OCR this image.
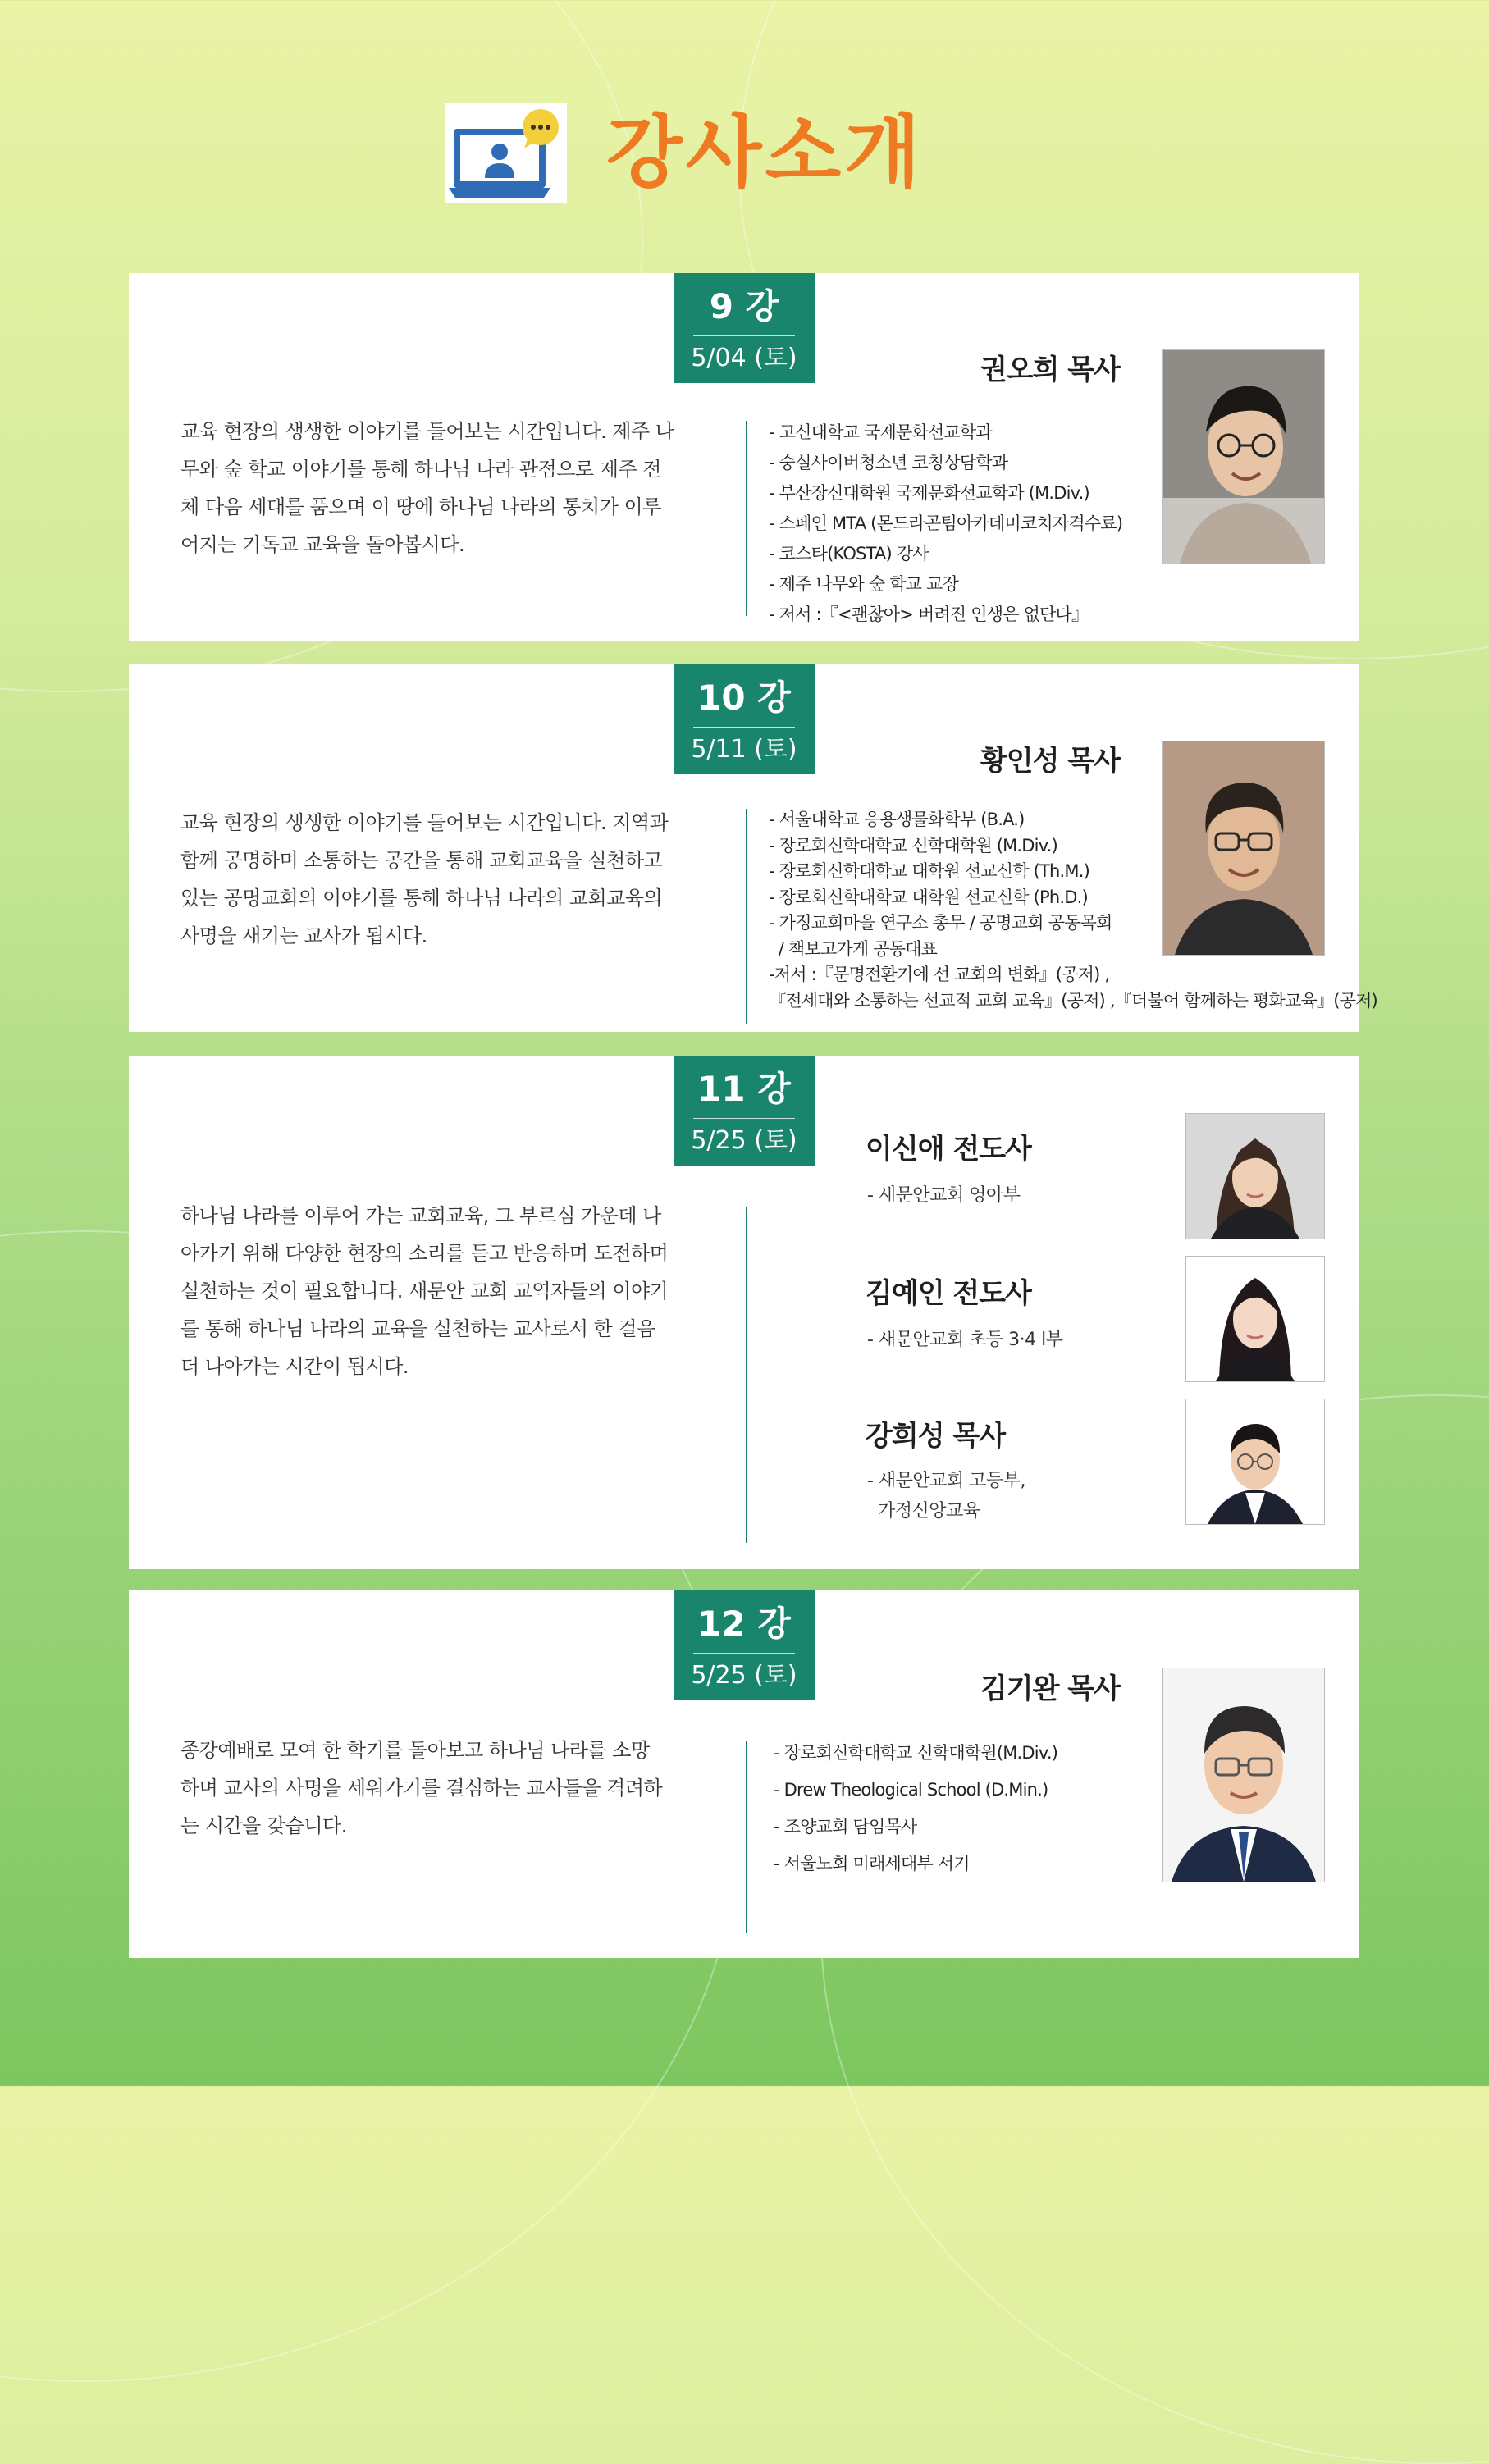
강사소개
9 강
5/04 (토)
교육 현장의 생생한 이야기를 들어보는 시간입니다. 제주 나
무와 숲 학교 이야기를 통해 하나님 나라 관점으로 제주 전
체 다음 세대를 품으며 이 땅에 하나님 나라의 통치가 이루
어지는 기독교 교육을 돌아봅시다.
권오희 목사
- 고신대학교 국제문화선교학과
- 숭실사이버청소년 코칭상담학과
- 부산장신대학원 국제문화선교학과 (M.Div.)
- 스페인 MTA (몬드라곤팀아카데미코치자격수료)
- 코스타(KOSTA) 강사
- 제주 나무와 숲 학교 교장
- 저서 :『<괜찮아> 버려진 인생은 없단다』
10 강
5/11 (토)
교육 현장의 생생한 이야기를 들어보는 시간입니다. 지역과
함께 공명하며 소통하는 공간을 통해 교회교육을 실천하고
있는 공명교회의 이야기를 통해 하나님 나라의 교회교육의
사명을 새기는 교사가 됩시다.
황인성 목사
- 서울대학교 응용생물화학부 (B.A.)
- 장로회신학대학교 신학대학원 (M.Div.)
- 장로회신학대학교 대학원 선교신학 (Th.M.)
- 장로회신학대학교 대학원 선교신학 (Ph.D.)
- 가정교회마을 연구소 총무 / 공명교회 공동목회
/ 책보고가게 공동대표
-저서 :『문명전환기에 선 교회의 변화』(공저) ,
『전세대와 소통하는 선교적 교회 교육』(공저) ,『더불어 함께하는 평화교육』(공저)
11 강
5/25 (토)
하나님 나라를 이루어 가는 교회교육, 그 부르심 가운데 나
아가기 위해 다양한 현장의 소리를 듣고 반응하며 도전하며
실천하는 것이 필요합니다. 새문안 교회 교역자들의 이야기
를 통해 하나님 나라의 교육을 실천하는 교사로서 한 걸음
더 나아가는 시간이 됩시다.
이신애 전도사
- 새문안교회 영아부
김예인 전도사
- 새문안교회 초등 3·4 l부
강희성 목사
- 새문안교회 고등부,
가정신앙교육
12 강
5/25 (토)
종강예배로 모여 한 학기를 돌아보고 하나님 나라를 소망
하며 교사의 사명을 세워가기를 결심하는 교사들을 격려하
는 시간을 갖습니다.
김기완 목사
- 장로회신학대학교 신학대학원(M.Div.)
- Drew Theological School (D.Min.)
- 조양교회 담임목사
- 서울노회 미래세대부 서기
